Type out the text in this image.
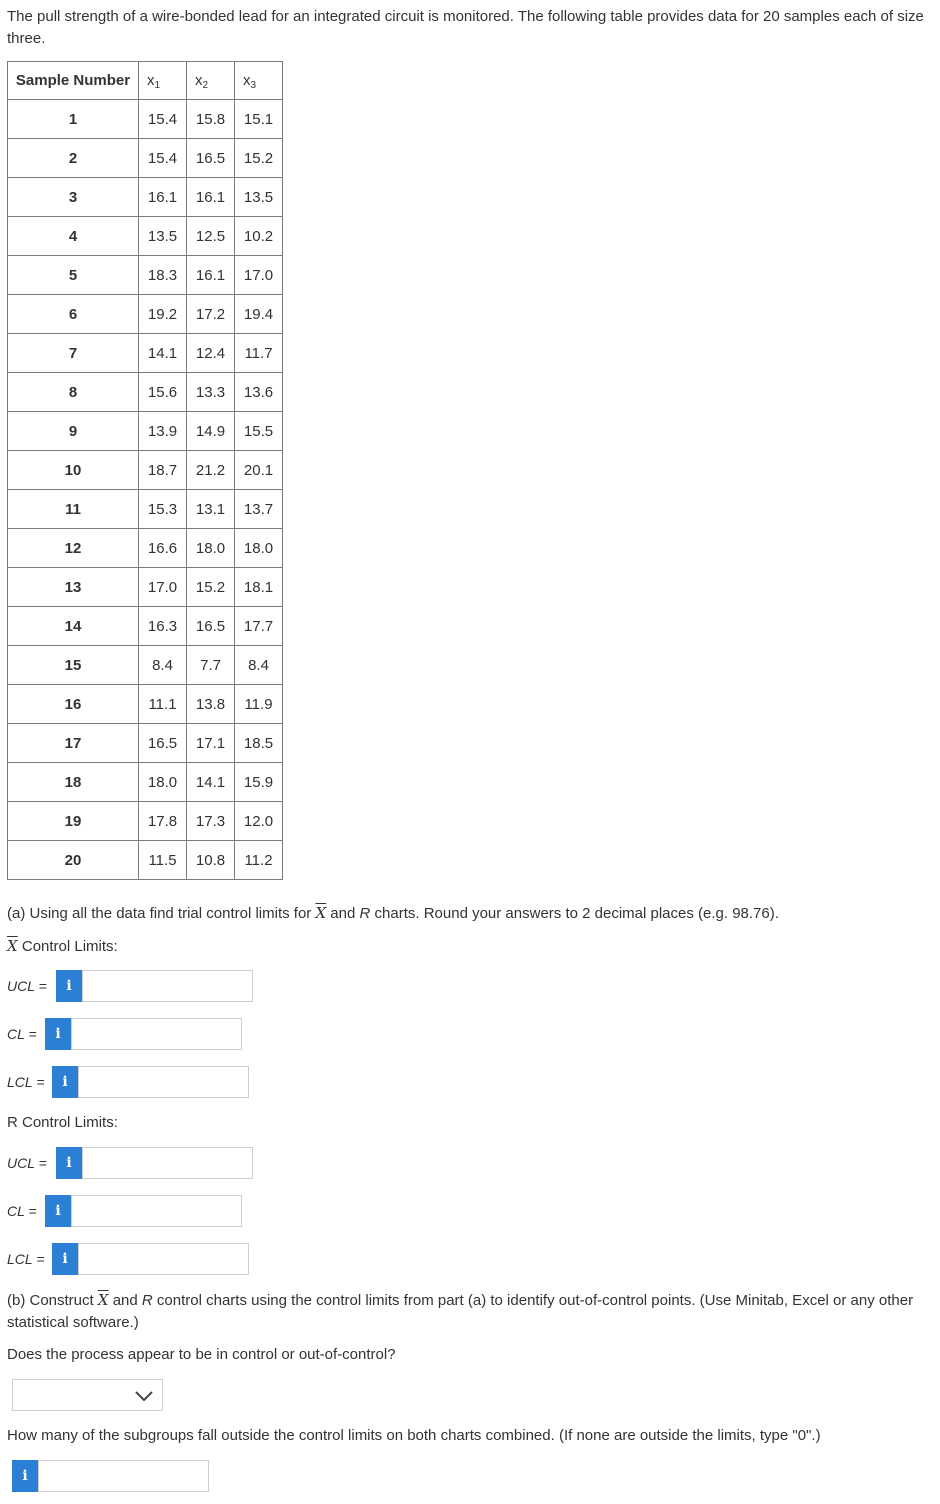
The pull strength of a wire-bonded lead for an integrated circuit is monitored. The following table provides data for 20 samples each of size three.
Sample Number	$x_1$	$x_2$	$x_3$
1	15.4	15.8	15.1
2	15.4	16.5	15.2
3	16.1	16.1	13.5
4	13.5	12.5	10.2
5	18.3	16.1	17.0
6	19.2	17.2	19.4
7	14.1	12.4	11.7
8	15.6	13.3	13.6
9	13.9	14.9	15.5
10	18.7	21.2	20.1
11	15.3	13.1	13.7
12	16.6	18.0	18.0
13	17.0	15.2	18.1
14	16.3	16.5	17.7
15	8.4	7.7	8.4
16	11.1	13.8	11.9
17	16.5	17.1	18.5
18	18.0	14.1	15.9
19	17.8	17.3	12.0
20	11.5	10.8	11.2
(a) Using all the data find trial control limits for $\overline{X}$ and R charts. Round your answers to 2 decimal places (e.g. 98.76).
$\overline{X}$ Control Limits:
UCL =	i
CL =	i
LCL =	i
R Control Limits:
UCL =	i
CL =	i
LCL =	i
(b) Construct $\overline{X}$ and R control charts using the control limits from part (a) to identify out-of-control points. (Use Minitab, Excel or any other statistical software.)
Does the process appear to be in control or out-of-control?
How many of the subgroups fall outside the control limits on both charts combined. (If none are outside the limits, type "0".)
i
